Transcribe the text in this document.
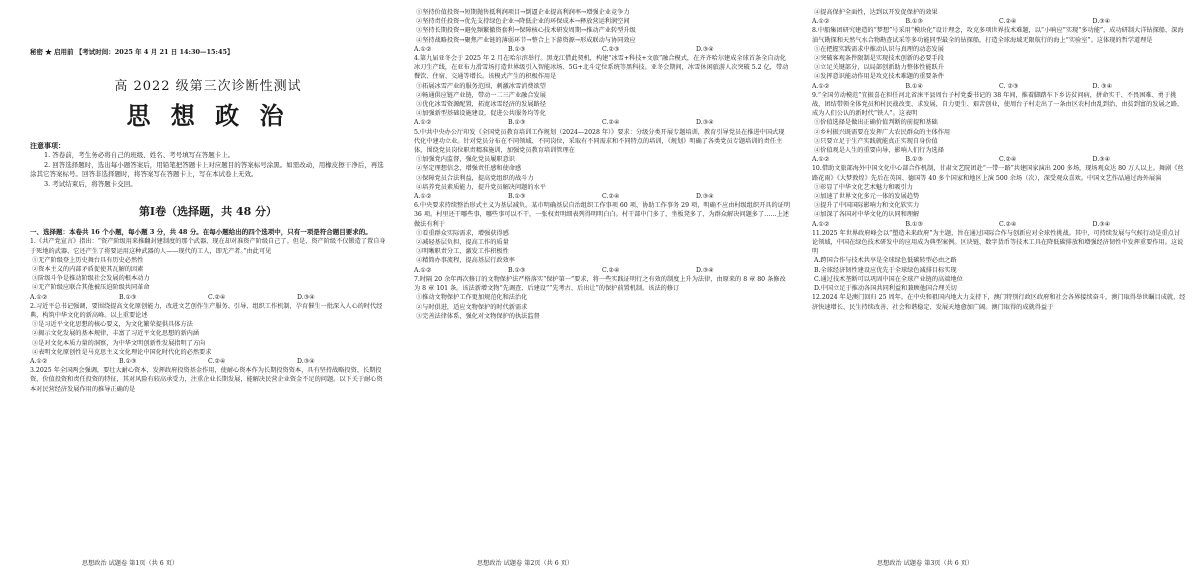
秘密 ★ 启用前 【考试时间：2025 年 4 月 21 日 14:30—15:45】
高 2022 级第三次诊断性测试
思 想 政 治
注意事项：

1. 答卷前，考生务必将自己的班级、姓名、考号填写在答题卡上。

2. 回答选择题时，选出每小题答案后，用铅笔把答题卡上对应题目的答案标号涂黑。如需改动，用橡皮擦干净后，再选涂其它答案标号。回答非选择题时，将答案写在答题卡上，写在本试卷上无效。

3. 考试结束后，将答题卡交回。

第Ⅰ卷（选择题，共 48 分）
一、选择题：本卷共 16 个小题，每小题 3 分，共 48 分。在每小题给出的四个选项中，只有一项是符合题目要求的。

1.《共产党宣言》指出：“资产阶级用来推翻封建制度的那个武器，现在却对准资产阶级自己了。但是，资产阶级不仅锻造了置自身于死地的武器，它还产生了将要运用这种武器的人——现代的工人，即无产者。”由此可见

①无产阶级登上历史舞台具有历史必然性

②资本主义的内部矛盾促使其瓦解的因素

③阶级斗争是推动阶级社会发展的根本动力

④无产阶级应联合其他被压迫阶级共同革命

A.①②	B.①③	C.②④	D.③④

2.习近平总书记强调，要围绕提高文化原创能力，改进文艺创作生产服务、引导、组织工作机制，孕育催生一批深入人心的时代经典，构筑中华文化的新高峰。以上重要论述

①是习近平文化思想的核心要义，为文化繁荣提供具体方法

②揭示文化发展的基本规律，丰富了习近平文化思想的新内涵

③是对文化本质力量的洞察，为中华文明创新性发展指明了方向

④表明文化原创性是马克思主义文化理论中国化时代化的必然要求

A.①②	B.①③	C.②④	D.③④

3.2025 年全国两会强调，要壮大耐心资本，发挥政府投资基金作用，使耐心资本作为长期投资资本，具有坚持战略投资、长期投资、价值投资和责任投资的特征，其对风险有较高承受力，注重企业长期发展，能解决民营企业资金不足的问题。以下关于耐心资本对民营经济发展作用的推导正确的是

思想政治 试题卷 第1页（共 6 页）

①坚持价值投资→短期抛售抵利润项目→倒逼企业提高利润率→增强企业竞争力

②坚持责任投资→优先支持绿色企业→降低企业的环保成本→释放营运利润空间

③坚持长期投资→避免频繁撤资套利→保障核心技术研发周期→推动产业转型升级

④坚持战略投资→聚焦产业链的薄弱环节→整合上下游资源→形成联动与协同效应

A.①②	B.①③	C.②③	D.③④

4.第九届亚冬会于 2025 年 2 月在哈尔滨举行。黑龙江借此契机，构建“冰雪+科技+文旅”融合模式，在齐齐哈尔建成全球首条全自动化冰刀生产线，在亚布力滑雪场打造世界级引入智能冰场、5G+北斗定位系统等黑科技。亚冬会期间，冰雪休闲旅游人次突破 5.2 亿，带动餐饮、住宿、交通等增长。该模式产生的积极作用是

①拓展冰雪产业的服务范围，刺激冰雪消费欲望

②畅通供应链产业链，带动一二三产业融合发展

③优化冰雪资源配置，拓宽冰雪经济的发展路径

④加强新型基础设施建设，促进公共服务均等化

A.①②	B.①③	C.②④	D.③④

5.中共中央办公厅印发《全国党员教育培训工作规划（2024—2028 年）》要求：分级分类开展专题培训，教育引导党员在推进中国式现代化中建功立业。针对党员分布在不同领域、不同岗位，采取有不同需求和不同特点的培训，《规划》明确了各类党员专题培训的责任主体，围绕党员岗位职责精准施训，加强党员教育培训管理在

①加强党内监督，强化党员履职意识

②坚定理想信念，增强责任感和使命感

③保障党员合法利益，提高党组织的战斗力

④培养党员素质能力，提升党员解决问题的水平

A.①②	B.①③	C.②④	D.③④

6.中央要求持续整治形式主义为基层减负。某市明确基层自治组织工作事项 60 项、协助工作事务 29 项，明确不应由村级组织开具的证明 36 项。村里还干哪些事，哪些事可以不干，一张权责明细表列得明明白白。村干部中门多了，坐板凳多了，为群众解决问题多了……上述做法有利于

①看重群众实际需求，增强获得感

②减轻基层负担，提高工作的质量

③明晰职责分工，激发工作积极性

④精简办事流程，提高基层行政效率

A.①②	B.①③	C.②④	D.③④

7.时隔 20 余年再次修订的文物保护法严格落实“保护第一”要求，将一些实践证明行之有效的制度上升为法律，由原来的 8 章 80 条修改为 8 章 101 条。该法新增文物“先调查、后建设”“先考古、后出让”的保护前置机制。该法的修订

①推动文物保护工作更加规范化和法治化

②与时俱进，适应文物保护的时代新需求

③完善法律体系，强化对文物保护的执法监督

思想政治 试题卷 第2页（共 6 页）

④提高保护全面性，达到以开发促保护的效果

A.①②	B.①③	C.②④	D.③④

8.中船集团研究建造的“梦想”号采用“模块化”设计理念，攻克多项世界技术难题，以“小响应”实现“多功能”，成功研制大洋钻探船、深海油气勘探和天然气水合物勘查试采等多功能同型最全的钻探船，打造全球海域无限航行的海上“实验室”。这体现的哲学道理是

①在把握实践需求中推动认识与真理的动态发展

②突破客观条件限制是实现技术创新的必要手段

③立足关键部分，以局部创新助力整体性能跃升

④发挥意识能动作用是攻克技术难题的重要条件

A.①②	B.①④	C. ②③	D. ③④

9.“全国劳动模范”宜振喜在担任河北省涞平县周台子村党委书记的 38 年间，推着脚踏车下乡访贫问病，拼命实干、不畏困难、勇于挑战，团结带领全体党员和村民战改变、求发展，自力更生、艰苦创业，使周台子村走出了一条由区农村由乱到治、由贫到富的发展之路，成为人们公认的新时代“铁人”。这表明

①价值选择是做出正确价值判断的前提和基础

②乡村振兴既需要在发挥广大农民群众的主体作用

③只要立足于生产实践就能真正实现自身价值

④价值观是人生的重要向导，影响人们行为选择

A.①②	B.①③	C.②④	D.③④

10.借助文旅部海外中国文化中心部合作机制，甘肃文艺院团赴“一带一路”共建国家演出 200 多场，现场观众达 80 万人以上。舞剧《丝路花雨》《大梦敦煌》先后在英国、德国等 40 多个国家和地区上演 500 余场（次），深受观众喜欢。中国文艺作品通过海外展演

①彰显了中华文化艺术魅力和吸引力

②加速了世界文化多元一体的发展趋势

③提升了中国国际影响力和文化软实力

④加深了各国对中华文化的认同和理解

A.①②	B.①③	C.②④	D.③④

11.2025 年世界政府峰会以“塑造未来政府”为主题，旨在通过国际合作与创新应对全球性挑战。其中，可持续发展与气候行动是重点讨论领域，中国在绿色技术研发中的应用成为典型案例。区块链、数字货币等技术工具在降低碳排放和增强经济韧性中发挥重要作用。这说明

A.跨国合作与技术共享是全球绿色低碳转型必由之路

B.全球经济韧性建设应优先于全球绿色减排目标实现

C.通过技术垄断可以巩固中国在全球产业链的高端地位

D.中国立足于推动各国共同利益和兼顾他国合理关切

12.2024 年是澳门回归 25 周年。在中央和祖国内地大力支持下，澳门特别行政区政府和社会各界接续奋斗，澳门取得举世瞩目成就，经济快速增长、民生持续改善、社会和谐稳定、发展天地愈加广阔。澳门取得的成就得益于

思想政治 试题卷 第3页（共 6 页）
